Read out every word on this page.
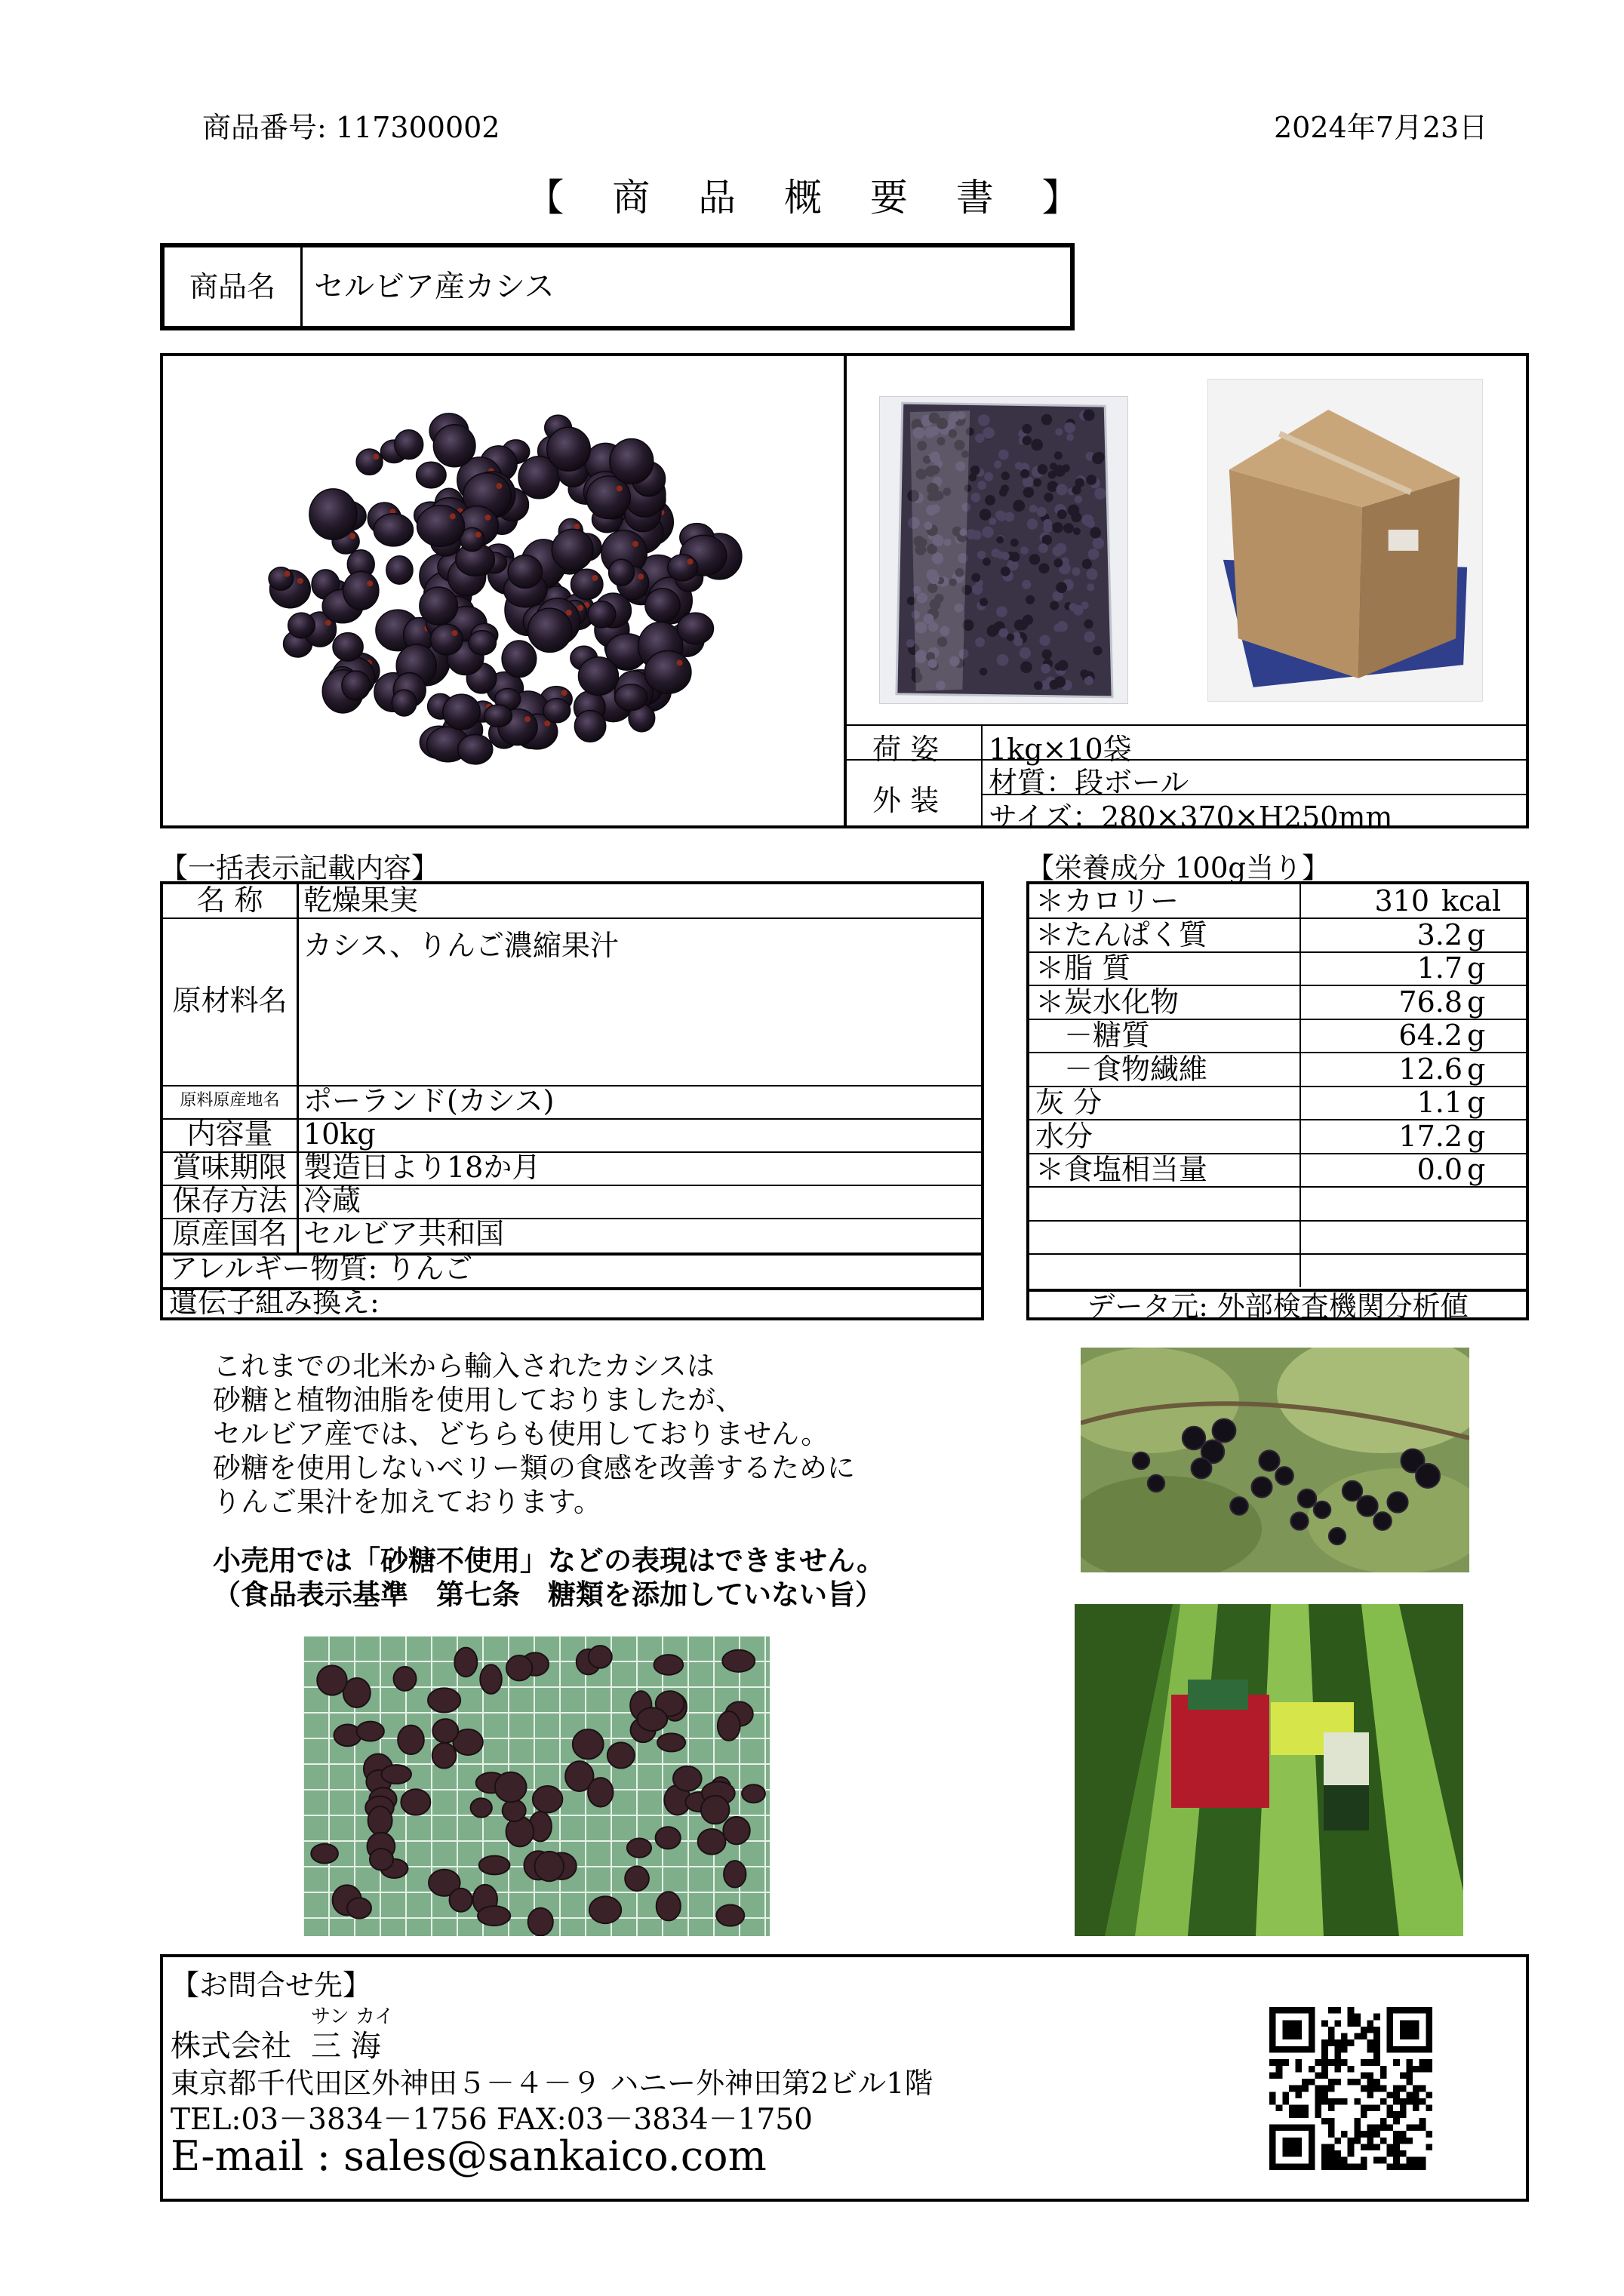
商品番号: 117300002	2024年7月23日
【 商 品 概 要 書 】
商品名	セルビア産カシス
荷 姿 1kg×10袋
外 装
材質：段ボール
サイズ：280×370×H250mm
【一括表示記載内容】
名 称	乾燥果実
原材料名
カシス、りんご濃縮果汁
原料原産地名 ポーランド(カシス)
内容量	10kg
賞味期限 製造日より18か月
保存方法 冷蔵
原産国名 セルビア共和国
アレルギー物質: りんご
遺伝子組み換え:
【栄養成分 100g当り】
＊カロリー	310 kcal
＊たんぱく質	3.2 g
＊脂 質	1.7 g
＊炭水化物	76.8 g
　－糖質	64.2 g
　－食物繊維	12.6 g
灰 分	1.1 g
水分	17.2 g
＊食塩相当量	0.0 g
データ元: 外部検査機関分析値

これまでの北米から輸入されたカシスは

砂糖と植物油脂を使用しておりましたが、

セルビア産では、どちらも使用しておりません。

砂糖を使用しないベリー類の食感を改善するために

りんご果汁を加えております。

小売用では「砂糖不使用」などの表現はできません。

（食品表示基準　第七条　糖類を添加していない旨）

【お問合せ先】
サン カイ
株式会社 三 海
東京都千代田区外神田５－４－９ ハニー外神田第2ビル1階
TEL:03－3834－1756 FAX:03－3834－1750
E-mail : sales@sankaico.com
